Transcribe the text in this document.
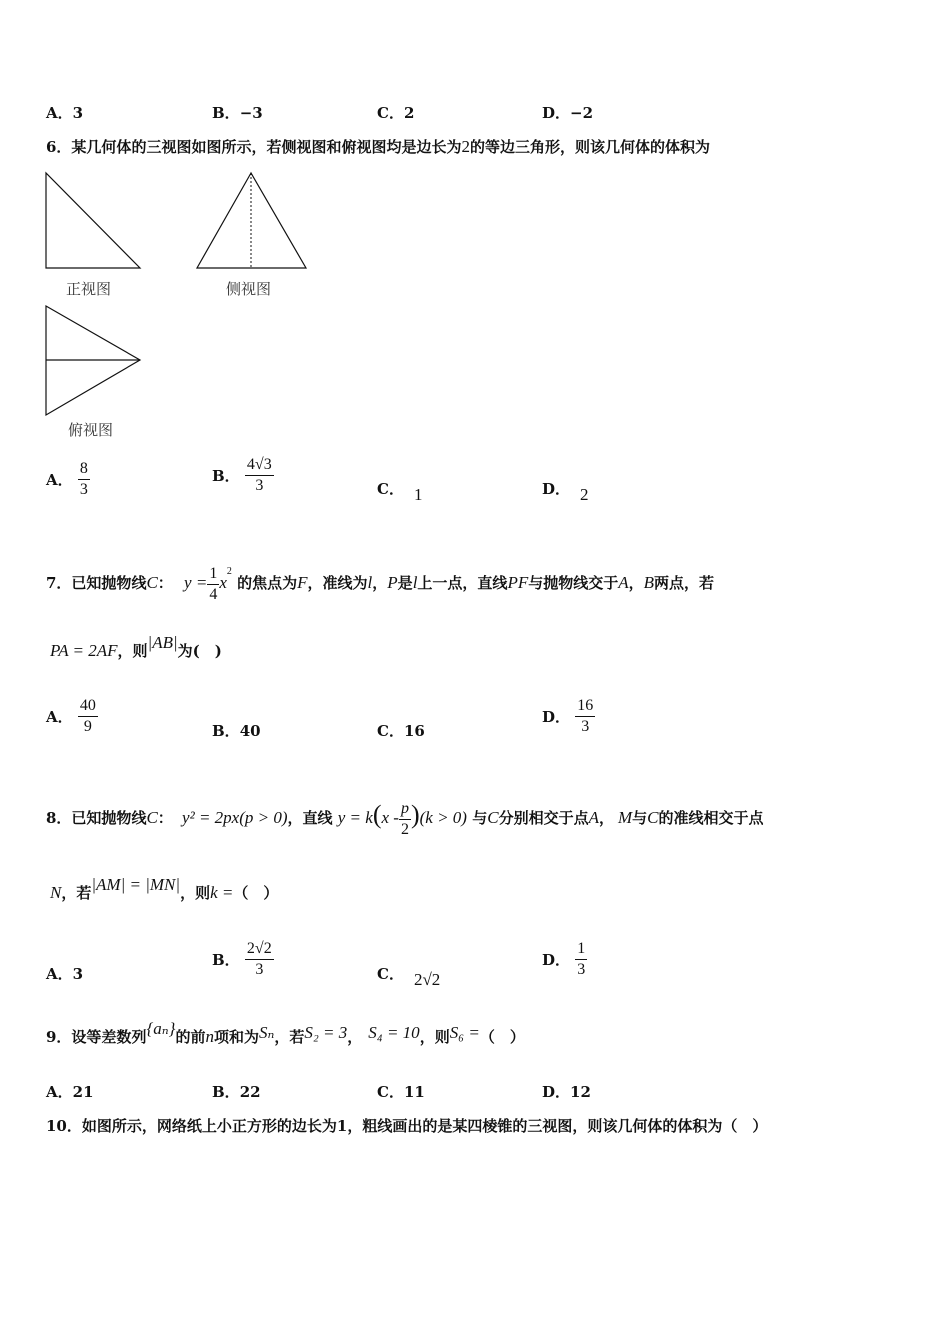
A．3	B．−3	C．2	D．−2
6．某几何体的三视图如图所示，若侧视图和俯视图均是边长为2的等边三角形，则该几何体的体积为
正视图	侧视图
俯视图
A． $\frac{8}{3}$	B． $\frac{4√3}{3}$	C． 1	D． 2
7．已知抛物线C： $y = \frac{1}{4} x^2$ 的焦点为F，准线为l，P是l上一点，直线PF与抛物线交于A，B两点，若
PA = 2AF，则|AB|为(　)
A． $\frac{40}{9}$	B．40	C．16
D． $\frac{16}{3}$
8．已知抛物线C： y² = 2px(p > 0)，直线 $y = k(x - \frac{p}{2} )(k > 0)$ 与C分别相交于点A， M与C的准线相交于点
N，若|AM| = |MN|，则k =（　）
A．3
B． $\frac{2√2}{3}$	C． 2√2
D． $\frac{1}{3}$
9．设等差数列{aₙ}的前n项和为Sₙ，若S₂ = 3， S₄ = 10，则S₆ =（　）
A．21	B．22	C．11	D．12
10．如图所示，网络纸上小正方形的边长为1，粗线画出的是某四棱锥的三视图，则该几何体的体积为（　）
